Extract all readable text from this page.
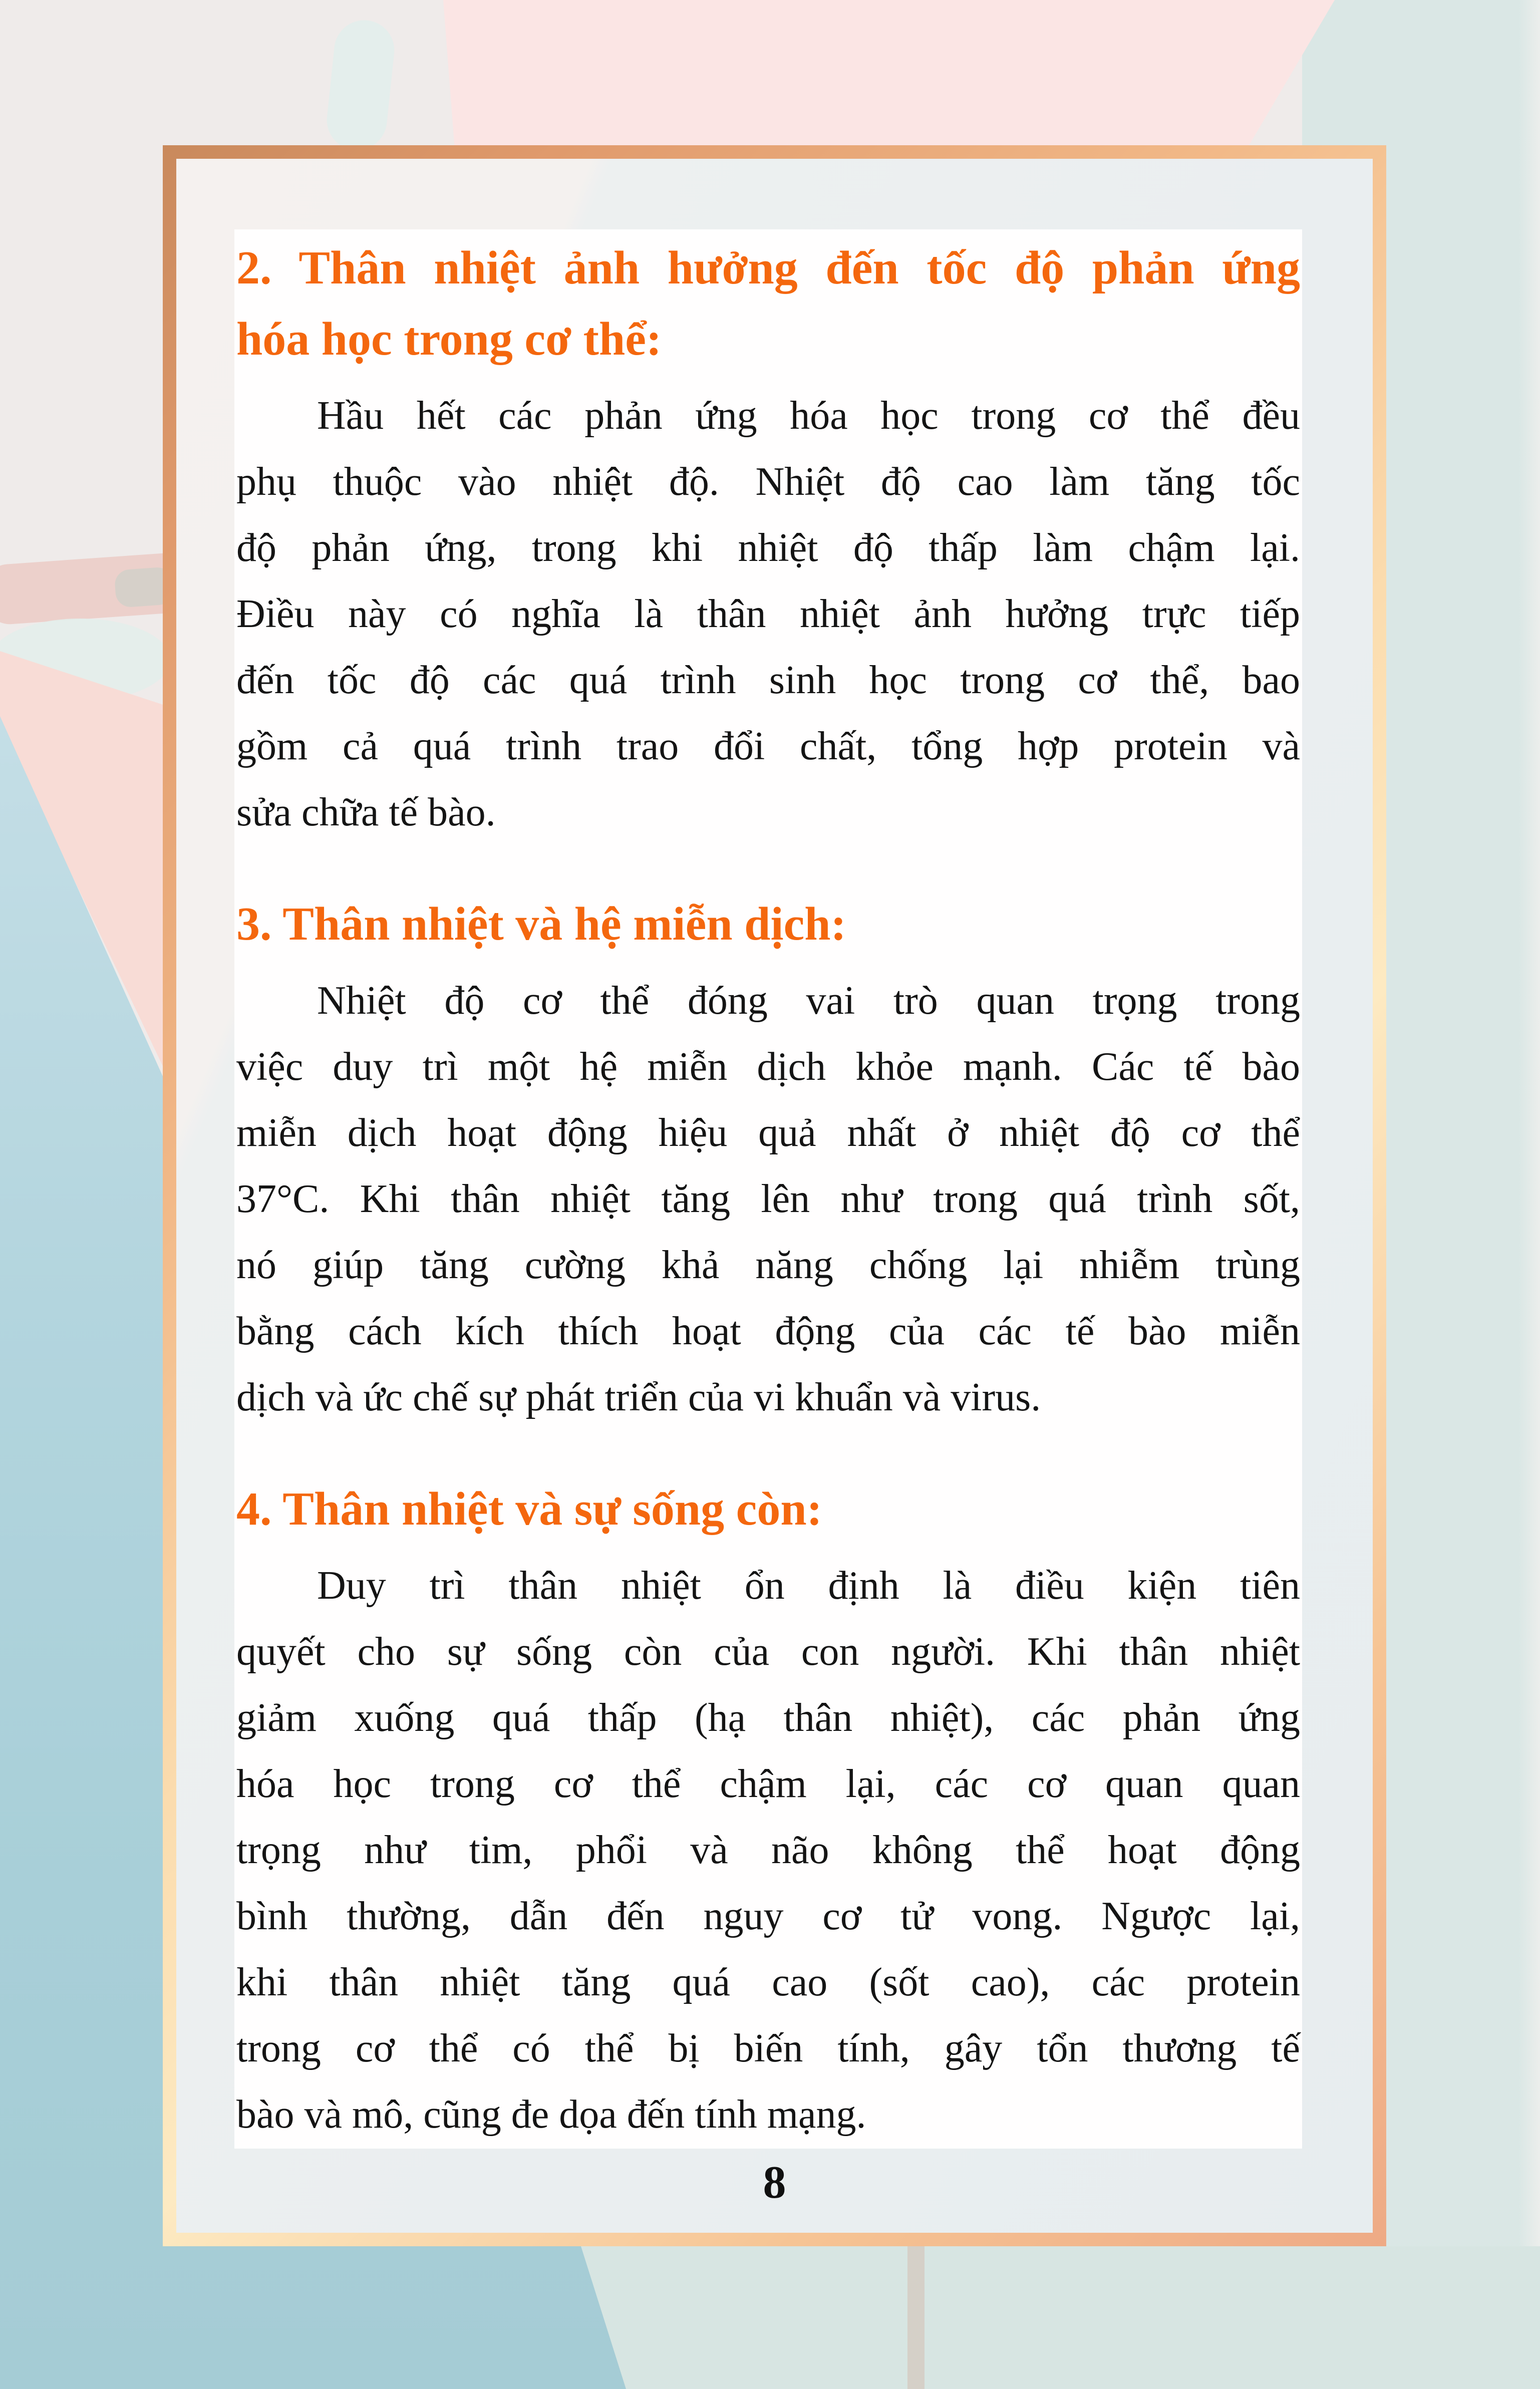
2. Thân nhiệt ảnh hưởng đến tốc độ phản ứng
hóa học trong cơ thể:
Hầu hết các phản ứng hóa học trong cơ thể đều
phụ thuộc vào nhiệt độ. Nhiệt độ cao làm tăng tốc
độ phản ứng, trong khi nhiệt độ thấp làm chậm lại.
Điều này có nghĩa là thân nhiệt ảnh hưởng trực tiếp
đến tốc độ các quá trình sinh học trong cơ thể, bao
gồm cả quá trình trao đổi chất, tổng hợp protein và
sửa chữa tế bào.
3. Thân nhiệt và hệ miễn dịch:
Nhiệt độ cơ thể đóng vai trò quan trọng trong
việc duy trì một hệ miễn dịch khỏe mạnh. Các tế bào
miễn dịch hoạt động hiệu quả nhất ở nhiệt độ cơ thể
37°C. Khi thân nhiệt tăng lên như trong quá trình sốt,
nó giúp tăng cường khả năng chống lại nhiễm trùng
bằng cách kích thích hoạt động của các tế bào miễn
dịch và ức chế sự phát triển của vi khuẩn và virus.
4. Thân nhiệt và sự sống còn:
Duy trì thân nhiệt ổn định là điều kiện tiên
quyết cho sự sống còn của con người. Khi thân nhiệt
giảm xuống quá thấp (hạ thân nhiệt), các phản ứng
hóa học trong cơ thể chậm lại, các cơ quan quan
trọng như tim, phổi và não không thể hoạt động
bình thường, dẫn đến nguy cơ tử vong. Ngược lại,
khi thân nhiệt tăng quá cao (sốt cao), các protein
trong cơ thể có thể bị biến tính, gây tổn thương tế
bào và mô, cũng đe dọa đến tính mạng.
8
